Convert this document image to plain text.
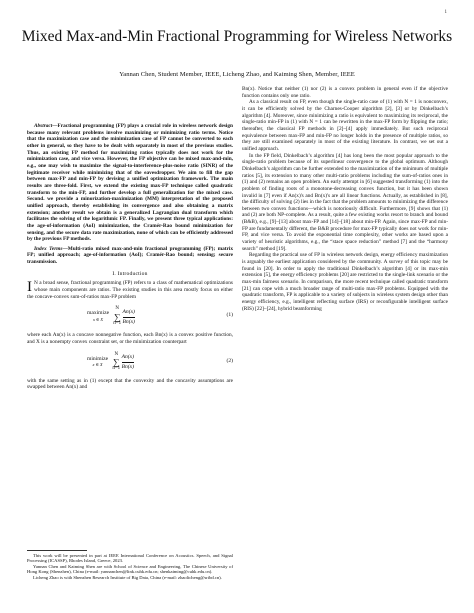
1
Mixed Max-and-Min Fractional Programming for Wireless Networks
Yannan Chen, Student Member, IEEE, Licheng Zhao, and Kaiming Shen, Member, IEEE

Abstract—Fractional programming (FP) plays a crucial role in wireless network design because many relevant problems involve maximizing or minimizing ratio terms. Notice that the maximization case and the minimization case of FP cannot be converted to each other in general, so they have to be dealt with separately in most of the previous studies. Thus, an existing FP method for maximizing ratios typically does not work for the minimization case, and vice versa. However, the FP objective can be mixed max-and-min, e.g., one may wish to maximize the signal-to-interference-plus-noise ratio (SINR) of the legitimate receiver while minimizing that of the eavesdropper. We aim to fill the gap between max-FP and min-FP by devising a unified optimization framework. The main results are three-fold. First, we extend the existing max-FP technique called quadratic transform to the min-FP, and further develop a full generalization for the mixed case. Second. we provide a minorization-maximization (MM) interpretation of the proposed unified approach, thereby establishing its convergence and also obtaining a matrix extension; another result we obtain is a generalized Lagrangian dual transform which facilitates the solving of the logarithmic FP. Finally, we present three typical applications: the age-of-information (AoI) minimization, the Cramér-Rao bound minimization for sensing, and the secure data rate maximization, none of which can be efficiently addressed by the previous FP methods.

Index Terms—Multi-ratio mixed max-and-min fractional programming (FP); matrix FP; unified approach; age-of-information (AoI); Cramér-Rao bound; sensing; secure transmission.

I. Introduction

I N a broad sense, fractional programming (FP) refers to a class of mathematical optimizations whose main components are ratios. The existing studies in this area mostly focus on either the concave-convex sum-of-ratios max-FP problem

maximize
x ∈ X
N
∑
$n=1 \frac{An(x)}{Bn(x)}$	(1)

where each An(x) is a concave nonnegative function, each Bn(x) is a convex positive function, and X is a nonempty convex constraint set, or the minimization counterpart

minimize
x ∈ X
N
∑
$n=1 \frac{An(x)}{Bn(x)}$	(2)

with the same setting as in (1) except that the convexity and the concavity assumptions are swapped between An(x) and

This work will be presented in part at IEEE International Conference on Acoustics. Speech, and Signal Processing (ICASSP), Rhodes Island, Greece, 2023.

Yannan Chen and Kaiming Shen are with School of Science and Engineering, The Chinese University of Hong Kong (Shenzhen), China (e-mail: yannanchen@link.cuhk.edu.cn; shenkaiming@cuhk.edu.cn).

Licheng Zhao is with Shenzhen Research Institute of Big Data, China (e-mail: zhaolicheng@sribd.cn).

Bn(x). Notice that neither (1) nor (2) is a convex problem in general even if the objective function contains only one ratio.

As a classical result on FP, even though the single-ratio case of (1) with N = 1 is nonconvex, it can be efficiently solved by the Charnes-Cooper algorithm [2], [3] or by Dinkelbach’s algorithm [4]. Moreover, since minimizing a ratio is equivalent to maximizing its reciprocal, the single-ratio min-FP in (1) with N = 1 can be rewritten in the max-FP form by flipping the ratio; thereafter, the classical FP methods in [2]–[4] apply immediately. But such reciprocal equivalence between max-FP and min-FP no longer holds in the presence of multiple ratios, so they are still examined separately in most of the existing literature. In contrast, we set out a unified approach.

In the FP field, Dinkelbach’s algorithm [4] has long been the most popular approach to the single-ratio problem because of its superlinear convergence to the global optimum. Although Dinkelbach’s algorithm can be further extended to the maximization of the minimum of multiple ratios [5], its extension to many other multi-ratio problems including the sum-of-ratios ones in (1) and (2) remains an open problem. An early attempt in [6] suggested transforming (1) into the problem of finding roots of a monotone-decreasing convex function, but it has been shown invalid in [7] even if An(x)'s and Bn(x)'s are all linear functions. Actually, as established in [8], the difficulty of solving (2) lies in the fact that the problem amounts to minimizing the difference between two convex functions—which is notoriously difficult. Furthermore, [9] shows that (1) and (2) are both NP-complete. As a result, quite a few existing works resort to branch and bound (B&B), e.g., [9]–[13] about max-FP and [14]–[18] about min-FP. Again, since max-FP and min-FP are fundamentally different, the B&B procedure for max-FP typically does not work for min-FP, and vice versa. To avoid the exponential time complexity, other works are based upon a variety of heuristic algorithms, e.g., the “stace space reduction” method [7] and the “harmony search” method [19].

Regarding the practical use of FP in wireless network design, energy efficiency maximization is arguably the earliest application considered by the community. A survey of this topic may be found in [20]. In order to apply the traditional Dinkelbach’s algorithm [4] or its max-min extension [5], the energy efficiency problems [20] are restricted to the single-link scenario or the max-min fairness scenario. In comparison, the more recent technique called quadratic transform [21] can cope with a much broader range of multi-ratio max-FP problems. Equipped with the quadratic transform, FP is applicable to a variety of subjects in wireless system design other than energy efficiency, e.g., intelligent reflecting surface (IRS) or reconfigurable intelligent surface (RIS) [22]–[24], hybrid beamforming
